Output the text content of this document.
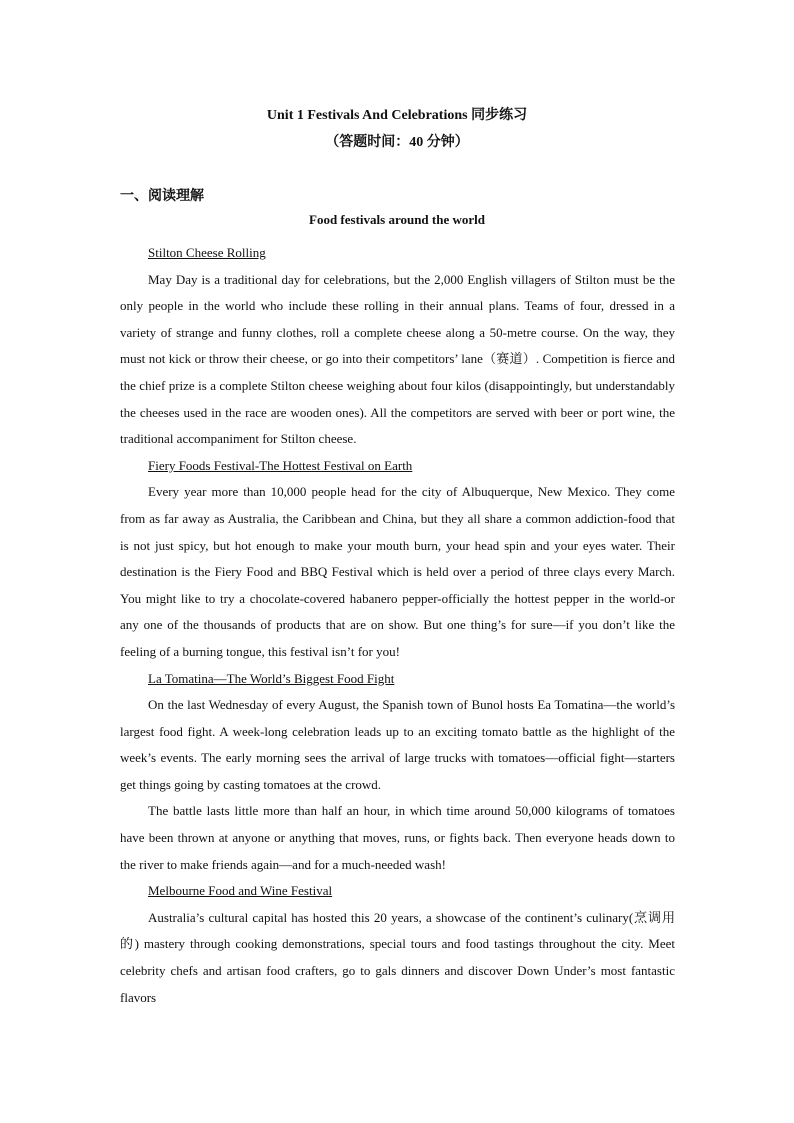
Unit 1 Festivals And Celebrations 同步练习
（答题时间：40 分钟）
一、阅读理解
Food festivals around the world

Stilton Cheese Rolling

May Day is a traditional day for celebrations, but the 2,000 English villagers of Stilton must be the only people in the world who include these rolling in their annual plans. Teams of four, dressed in a variety of strange and funny clothes, roll a complete cheese along a 50-metre course. On the way, they must not kick or throw their cheese, or go into their competitors’ lane（赛道）. Competition is fierce and the chief prize is a complete Stilton cheese weighing about four kilos (disappointingly, but understandably the cheeses used in the race are wooden ones). All the competitors are served with beer or port wine, the traditional accompaniment for Stilton cheese.

Fiery Foods Festival-The Hottest Festival on Earth

Every year more than 10,000 people head for the city of Albuquerque, New Mexico. They come from as far away as Australia, the Caribbean and China, but they all share a common addiction-food that is not just spicy, but hot enough to make your mouth burn, your head spin and your eyes water. Their destination is the Fiery Food and BBQ Festival which is held over a period of three clays every March. You might like to try a chocolate-covered habanero pepper-officially the hottest pepper in the world-or any one of the thousands of products that are on show. But one thing’s for sure—if you don’t like the feeling of a burning tongue, this festival isn’t for you!

La Tomatina—The World’s Biggest Food Fight

On the last Wednesday of every August, the Spanish town of Bunol hosts Ea Tomatina—the world’s largest food fight. A week-long celebration leads up to an exciting tomato battle as the highlight of the week’s events. The early morning sees the arrival of large trucks with tomatoes—official fight—starters get things going by casting tomatoes at the crowd.

The battle lasts little more than half an hour, in which time around 50,000 kilograms of tomatoes have been thrown at anyone or anything that moves, runs, or fights back. Then everyone heads down to the river to make friends again—and for a much-needed wash!

Melbourne Food and Wine Festival

Australia’s cultural capital has hosted this 20 years, a showcase of the continent’s culinary(烹调用的) mastery through cooking demonstrations, special tours and food tastings throughout the city. Meet celebrity chefs and artisan food crafters, go to gals dinners and discover Down Under’s most fantastic flavors
